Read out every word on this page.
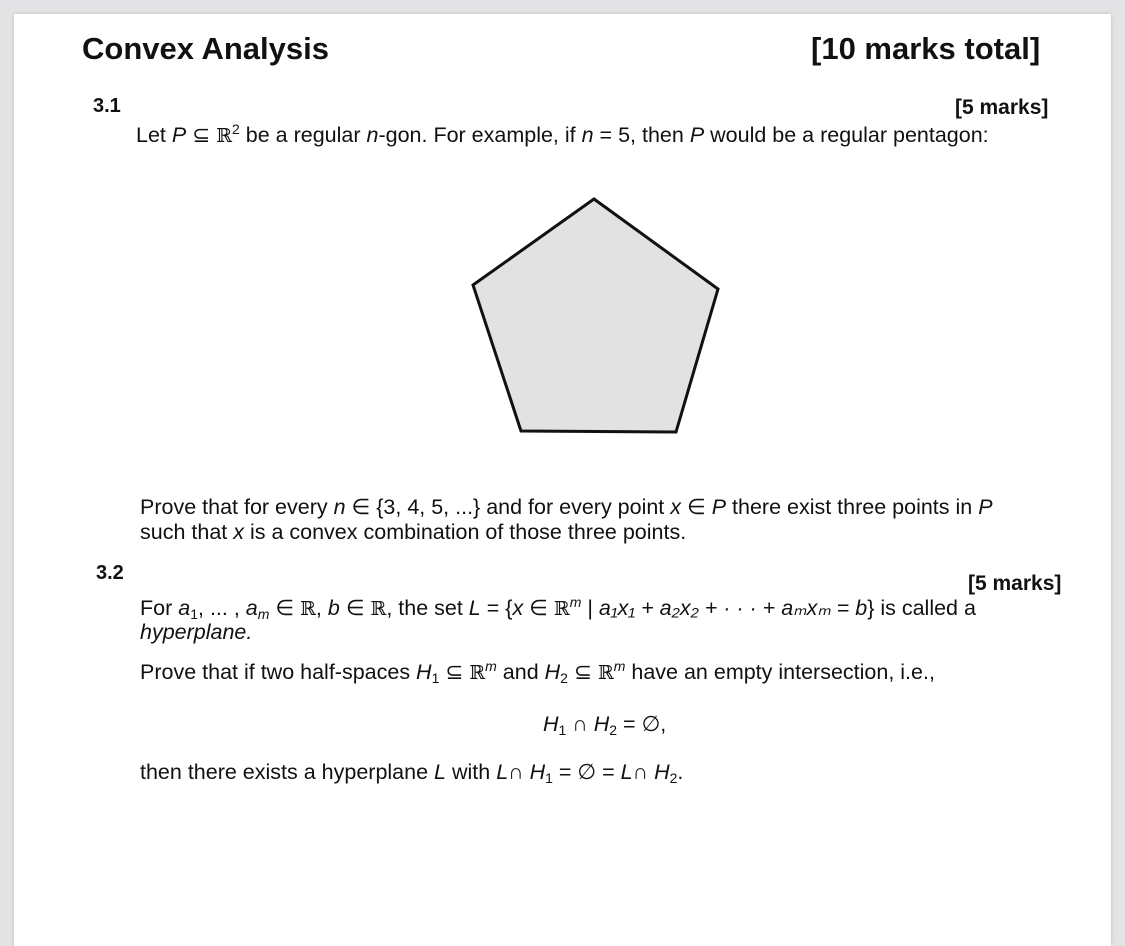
Convex Analysis	[10 marks total]
3.1	[5 marks]
Let P ⊆ ℝ$^2$ be a regular n-gon. For example, if n = 5, then P would be a regular pentagon:
Prove that for every n ∈ {3, 4, 5, ...} and for every point x ∈ P there exist three points in P
such that x is a convex combination of those three points.
3.2	[5 marks]
For $a_1$, ... , $a_m$ ∈ ℝ, b ∈ ℝ, the set L = {x ∈ ℝ$^m$ | a₁x₁ + a₂x₂ + · · · + aₘxₘ = b} is called a
hyperplane.
Prove that if two half-spaces $H_1$ ⊆ ℝ$^m$ and $H_2$ ⊆ ℝ$^m$ have an empty intersection, i.e.,
$H_1$ ∩ $H_2$ = ∅,
then there exists a hyperplane L with L∩ $H_1$ = ∅ = L∩ $H_2$.
